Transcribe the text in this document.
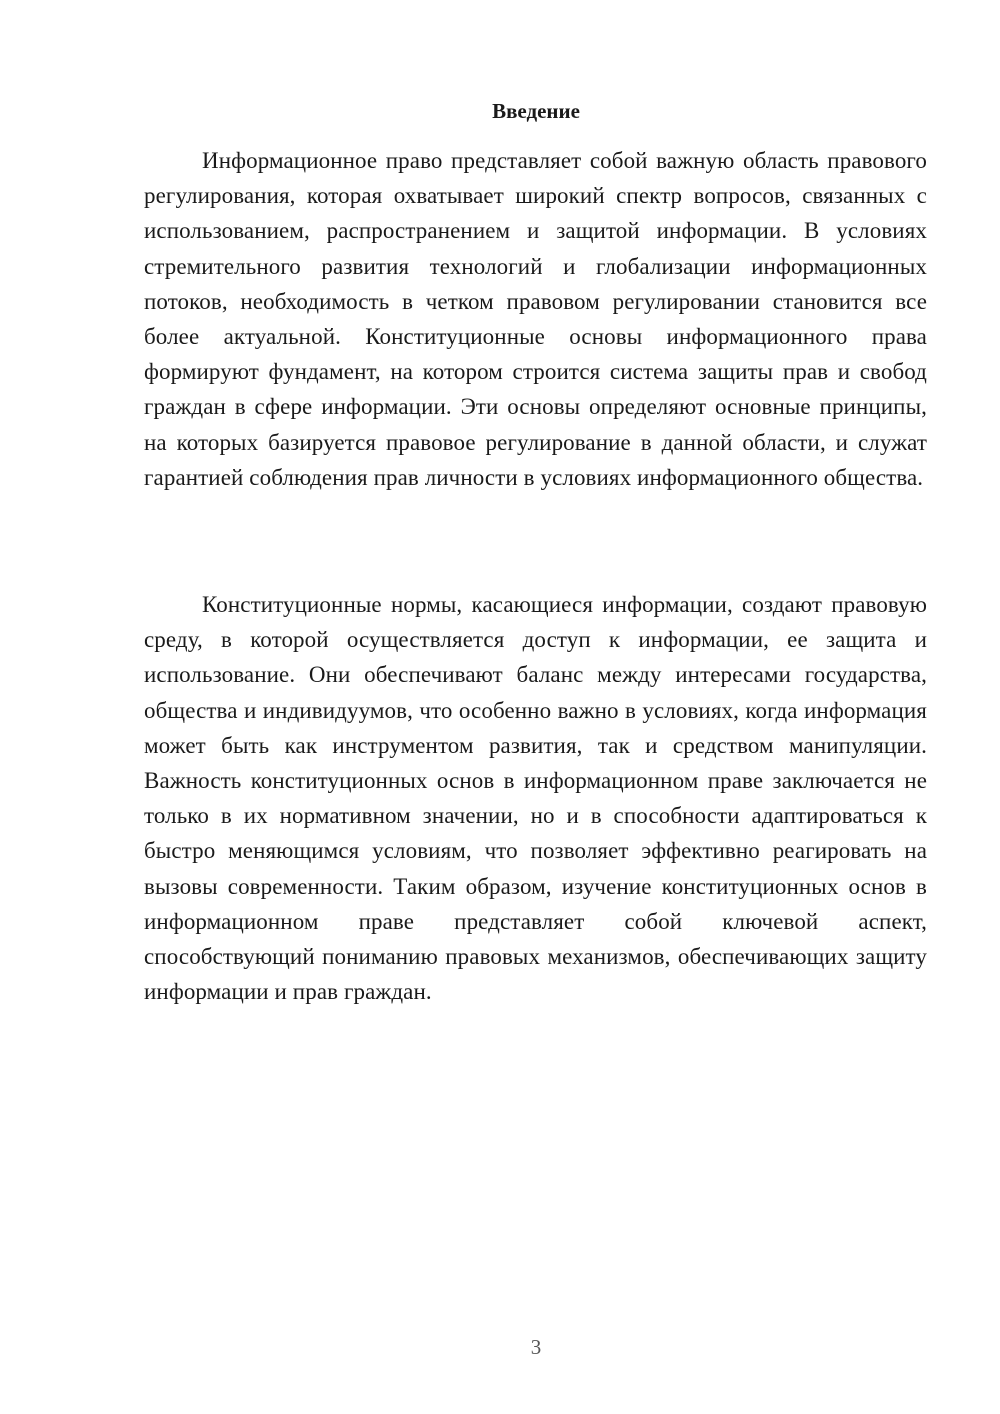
Введение

Информационное право представляет собой важную область правового регулирования, которая охватывает широкий спектр вопросов, связанных с использованием, распространением и защитой информации. В условиях стремительного развития технологий и глобализации информационных потоков, необходимость в четком правовом регулировании становится все более актуальной. Конституционные основы информационного права формируют фундамент, на котором строится система защиты прав и свобод граждан в сфере информации. Эти основы определяют основные принципы, на которых базируется правовое регулирование в данной области, и служат гарантией соблюдения прав личности в условиях информационного общества.

Конституционные нормы, касающиеся информации, создают правовую среду, в которой осуществляется доступ к информации, ее защита и использование. Они обеспечивают баланс между интересами государства, общества и индивидуумов, что особенно важно в условиях, когда информация может быть как инструментом развития, так и средством манипуляции. Важность конституционных основ в информационном праве заключается не только в их нормативном значении, но и в способности адаптироваться к быстро меняющимся условиям, что позволяет эффективно реагировать на вызовы современности. Таким образом, изучение конституционных основ в информационном праве представляет собой ключевой аспект, способствующий пониманию правовых механизмов, обеспечивающих защиту информации и прав граждан.

3
